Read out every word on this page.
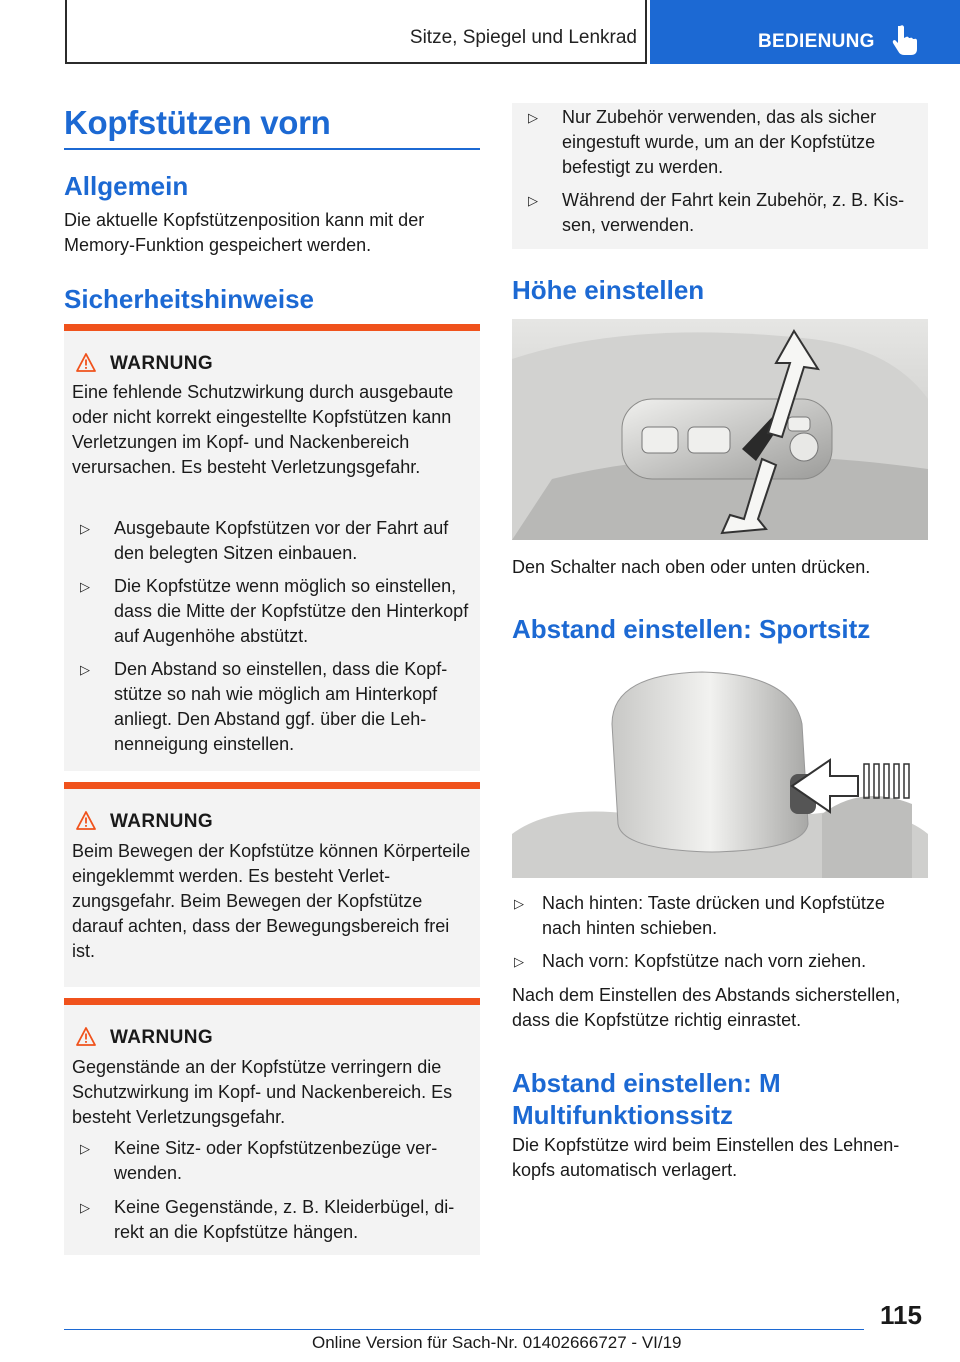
Sitze, Spiegel und Lenkrad	BEDIENUNG
Kopfstützen vorn
Allgemein
Die aktuelle Kopfstützenposition kann mit der Memory-Funktion gespeichert werden.
Sicherheitshinweise
WARNUNG
Eine fehlende Schutzwirkung durch ausgebaute oder nicht korrekt eingestellte Kopfstützen kann Verletzungen im Kopf- und Nackenbereich verursachen. Es besteht Verletzungsgefahr.
▷ Ausgebaute Kopfstützen vor der Fahrt auf den belegten Sitzen einbauen.
▷ Die Kopfstütze wenn möglich so einstellen, dass die Mitte der Kopfstütze den Hinterkopf auf Augenhöhe abstützt.
▷ Den Abstand so einstellen, dass die Kopfstütze so nah wie möglich am Hinterkopf anliegt. Den Abstand ggf. über die Lehnenneigung einstellen.
WARNUNG
Beim Bewegen der Kopfstütze können Körperteile eingeklemmt werden. Es besteht Verletzungsgefahr. Beim Bewegen der Kopfstütze darauf achten, dass der Bewegungsbereich frei ist.
WARNUNG
Gegenstände an der Kopfstütze verringern die Schutzwirkung im Kopf- und Nackenbereich. Es besteht Verletzungsgefahr.
▷ Keine Sitz- oder Kopfstützenbezüge verwenden.
▷ Keine Gegenstände, z. B. Kleiderbügel, direkt an die Kopfstütze hängen.
▷ Nur Zubehör verwenden, das als sicher eingestuft wurde, um an der Kopfstütze befestigt zu werden.
▷ Während der Fahrt kein Zubehör, z. B. Kissen, verwenden.
Höhe einstellen
Den Schalter nach oben oder unten drücken.
Abstand einstellen: Sportsitz
▷ Nach hinten: Taste drücken und Kopfstütze nach hinten schieben.
▷ Nach vorn: Kopfstütze nach vorn ziehen.
Nach dem Einstellen des Abstands sicherstellen, dass die Kopfstütze richtig einrastet.
Abstand einstellen: M
Multifunktionssitz
Die Kopfstütze wird beim Einstellen des Lehnenkopfs automatisch verlagert.
115
Online Version für Sach-Nr. 01402666727 - VI/19
